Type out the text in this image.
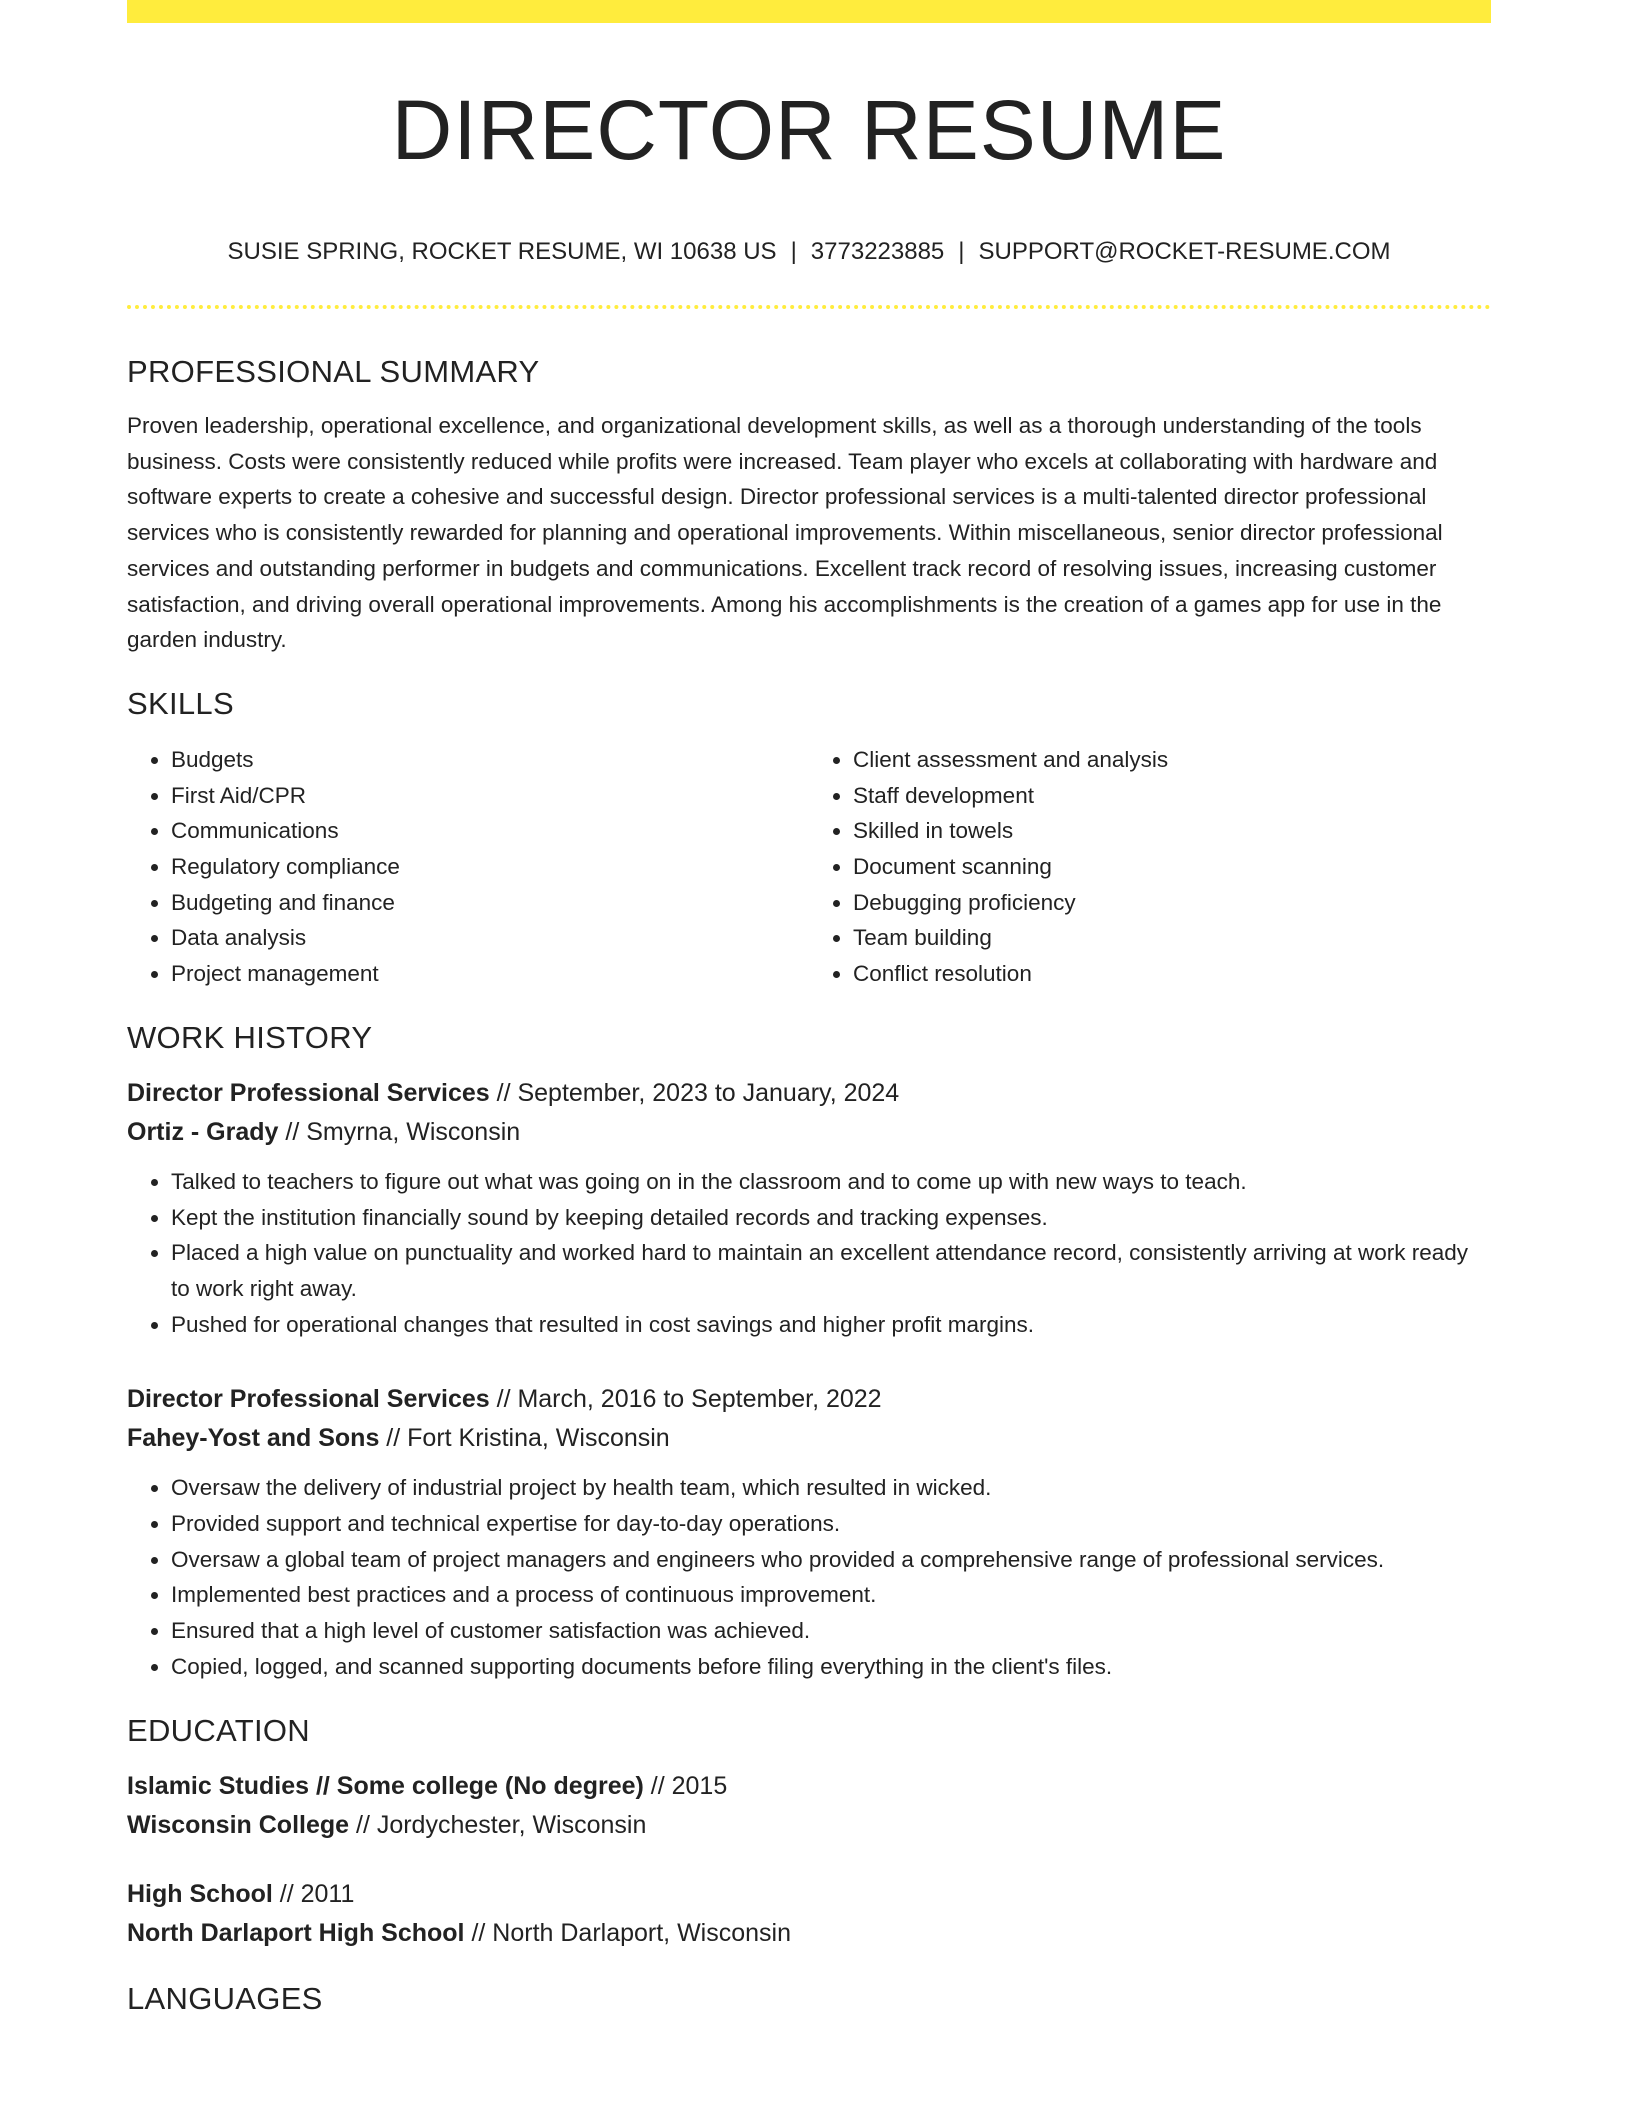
DIRECTOR RESUME
SUSIE SPRING, ROCKET RESUME, WI 10638 US | 3773223885 | SUPPORT@ROCKET-RESUME.COM
PROFESSIONAL SUMMARY

Proven leadership, operational excellence, and organizational development skills, as well as a thorough understanding of the tools business. Costs were consistently reduced while profits were increased. Team player who excels at collaborating with hardware and software experts to create a cohesive and successful design. Director professional services is a multi-talented director professional services who is consistently rewarded for planning and operational improvements. Within miscellaneous, senior director professional services and outstanding performer in budgets and communications. Excellent track record of resolving issues, increasing customer satisfaction, and driving overall operational improvements. Among his accomplishments is the creation of a games app for use in the garden industry.

SKILLS
• Budgets
• First Aid/CPR
• Communications
• Regulatory compliance
• Budgeting and finance
• Data analysis
• Project management
• Client assessment and analysis
• Staff development
• Skilled in towels
• Document scanning
• Debugging proficiency
• Team building
• Conflict resolution
WORK HISTORY
Director Professional Services // September, 2023 to January, 2024
Ortiz - Grady // Smyrna, Wisconsin
• Talked to teachers to figure out what was going on in the classroom and to come up with new ways to teach.
• Kept the institution financially sound by keeping detailed records and tracking expenses.
• Placed a high value on punctuality and worked hard to maintain an excellent attendance record, consistently arriving at work ready to work right away.
• Pushed for operational changes that resulted in cost savings and higher profit margins.
Director Professional Services // March, 2016 to September, 2022
Fahey-Yost and Sons // Fort Kristina, Wisconsin
• Oversaw the delivery of industrial project by health team, which resulted in wicked.
• Provided support and technical expertise for day-to-day operations.
• Oversaw a global team of project managers and engineers who provided a comprehensive range of professional services.
• Implemented best practices and a process of continuous improvement.
• Ensured that a high level of customer satisfaction was achieved.
• Copied, logged, and scanned supporting documents before filing everything in the client's files.
EDUCATION
Islamic Studies // Some college (No degree) // 2015
Wisconsin College // Jordychester, Wisconsin
High School // 2011
North Darlaport High School // North Darlaport, Wisconsin
LANGUAGES
